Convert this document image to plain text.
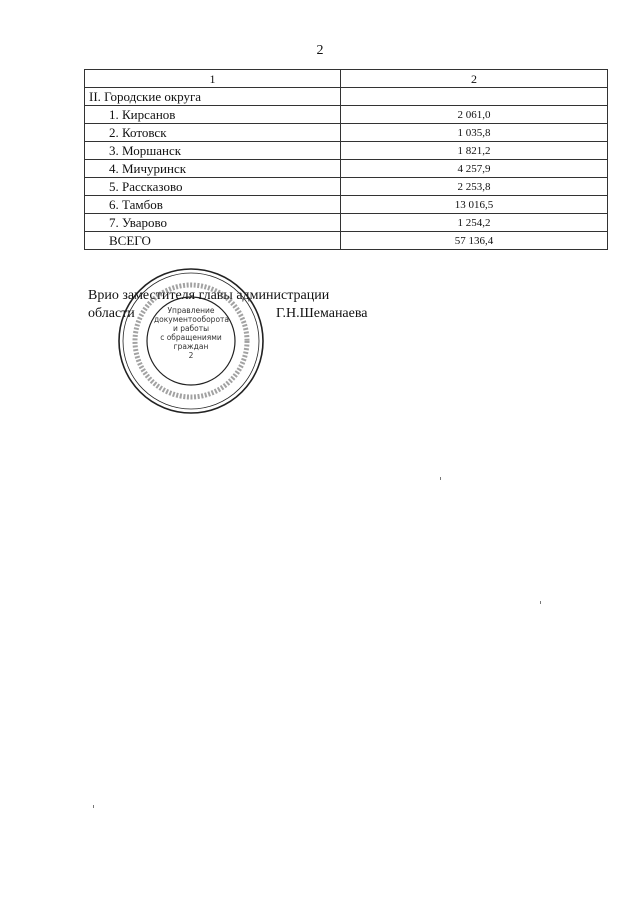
2
1	2
II. Городские округа	
1. Кирсанов	2 061,0
2. Котовск	1 035,8
3. Моршанск	1 821,2
4. Мичуринск	4 257,9
5. Рассказово	2 253,8
6. Тамбов	13 016,5
7. Уварово	1 254,2
ВСЕГО	57 136,4
Врио заместителя главы администрации
области	Г.Н.Шеманаева
Управление
документооборота
и работы
с обращениями
граждан
2
